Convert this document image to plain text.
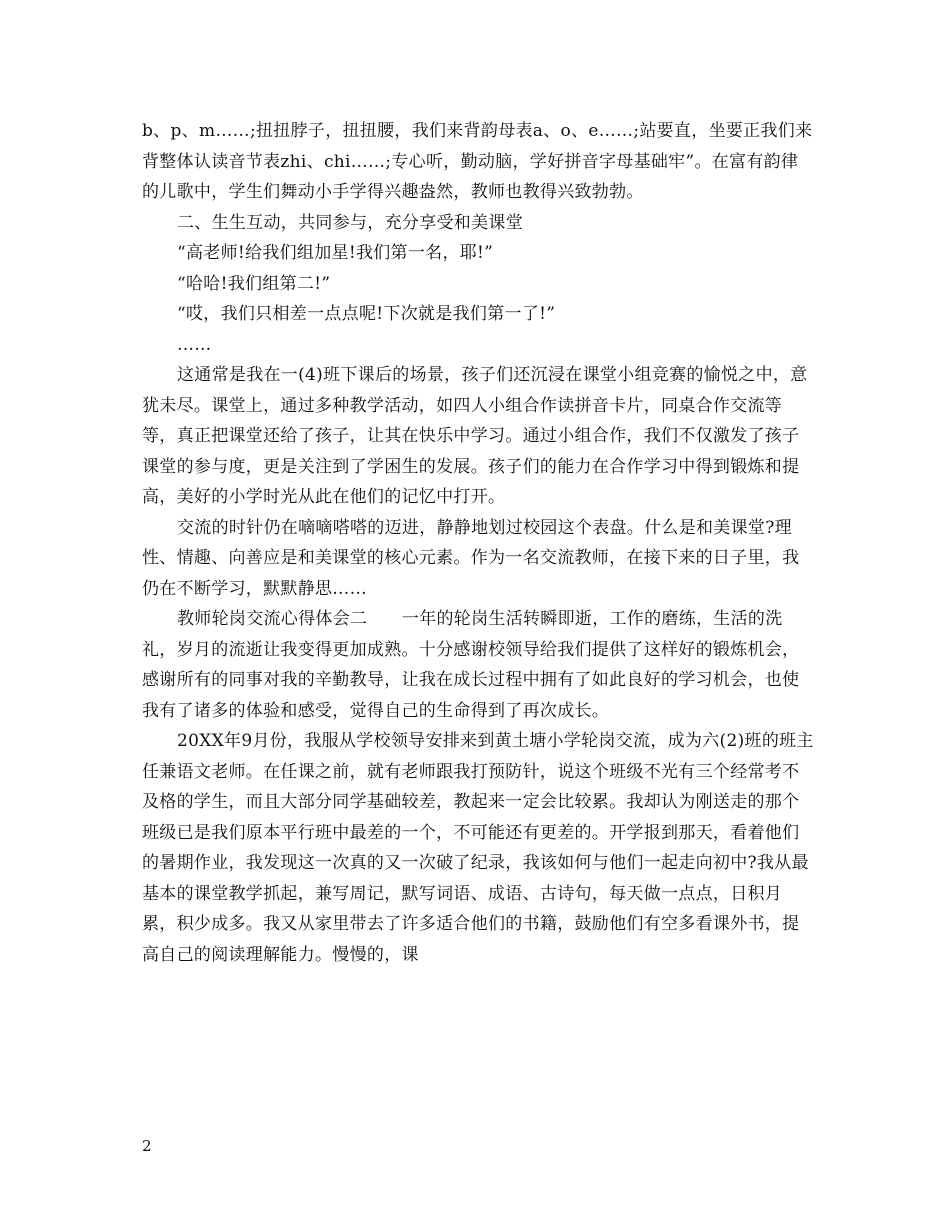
b、p、m……;扭扭脖子，扭扭腰，我们来背韵母表a、o、e……;站要直，坐要正我们来背整体认读音节表zhi、chi……;专心听，勤动脑，学好拼音字母基础牢”。在富有韵律的儿歌中，学生们舞动小手学得兴趣盎然，教师也教得兴致勃勃。

二、生生互动，共同参与，充分享受和美课堂

“高老师!给我们组加星!我们第一名，耶!”

“哈哈!我们组第二!”

“哎，我们只相差一点点呢!下次就是我们第一了!”

……

这通常是我在一(4)班下课后的场景，孩子们还沉浸在课堂小组竞赛的愉悦之中，意犹未尽。课堂上，通过多种教学活动，如四人小组合作读拼音卡片，同桌合作交流等等，真正把课堂还给了孩子，让其在快乐中学习。通过小组合作，我们不仅激发了孩子课堂的参与度，更是关注到了学困生的发展。孩子们的能力在合作学习中得到锻炼和提高，美好的小学时光从此在他们的记忆中打开。

交流的时针仍在嘀嘀嗒嗒的迈进，静静地划过校园这个表盘。什么是和美课堂?理性、情趣、向善应是和美课堂的核心元素。作为一名交流教师，在接下来的日子里，我仍在不断学习，默默静思……

教师轮岗交流心得体会二　　一年的轮岗生活转瞬即逝，工作的磨练，生活的洗礼，岁月的流逝让我变得更加成熟。十分感谢校领导给我们提供了这样好的锻炼机会，感谢所有的同事对我的辛勤教导，让我在成长过程中拥有了如此良好的学习机会，也使我有了诸多的体验和感受，觉得自己的生命得到了再次成长。

20XX年9月份，我服从学校领导安排来到黄土塘小学轮岗交流，成为六(2)班的班主任兼语文老师。在任课之前，就有老师跟我打预防针，说这个班级不光有三个经常考不及格的学生，而且大部分同学基础较差，教起来一定会比较累。我却认为刚送走的那个班级已是我们原本平行班中最差的一个，不可能还有更差的。开学报到那天，看着他们的暑期作业，我发现这一次真的又一次破了纪录，我该如何与他们一起走向初中?我从最基本的课堂教学抓起，兼写周记，默写词语、成语、古诗句，每天做一点点，日积月累，积少成多。我又从家里带去了许多适合他们的书籍，鼓励他们有空多看课外书，提高自己的阅读理解能力。慢慢的，课

2
